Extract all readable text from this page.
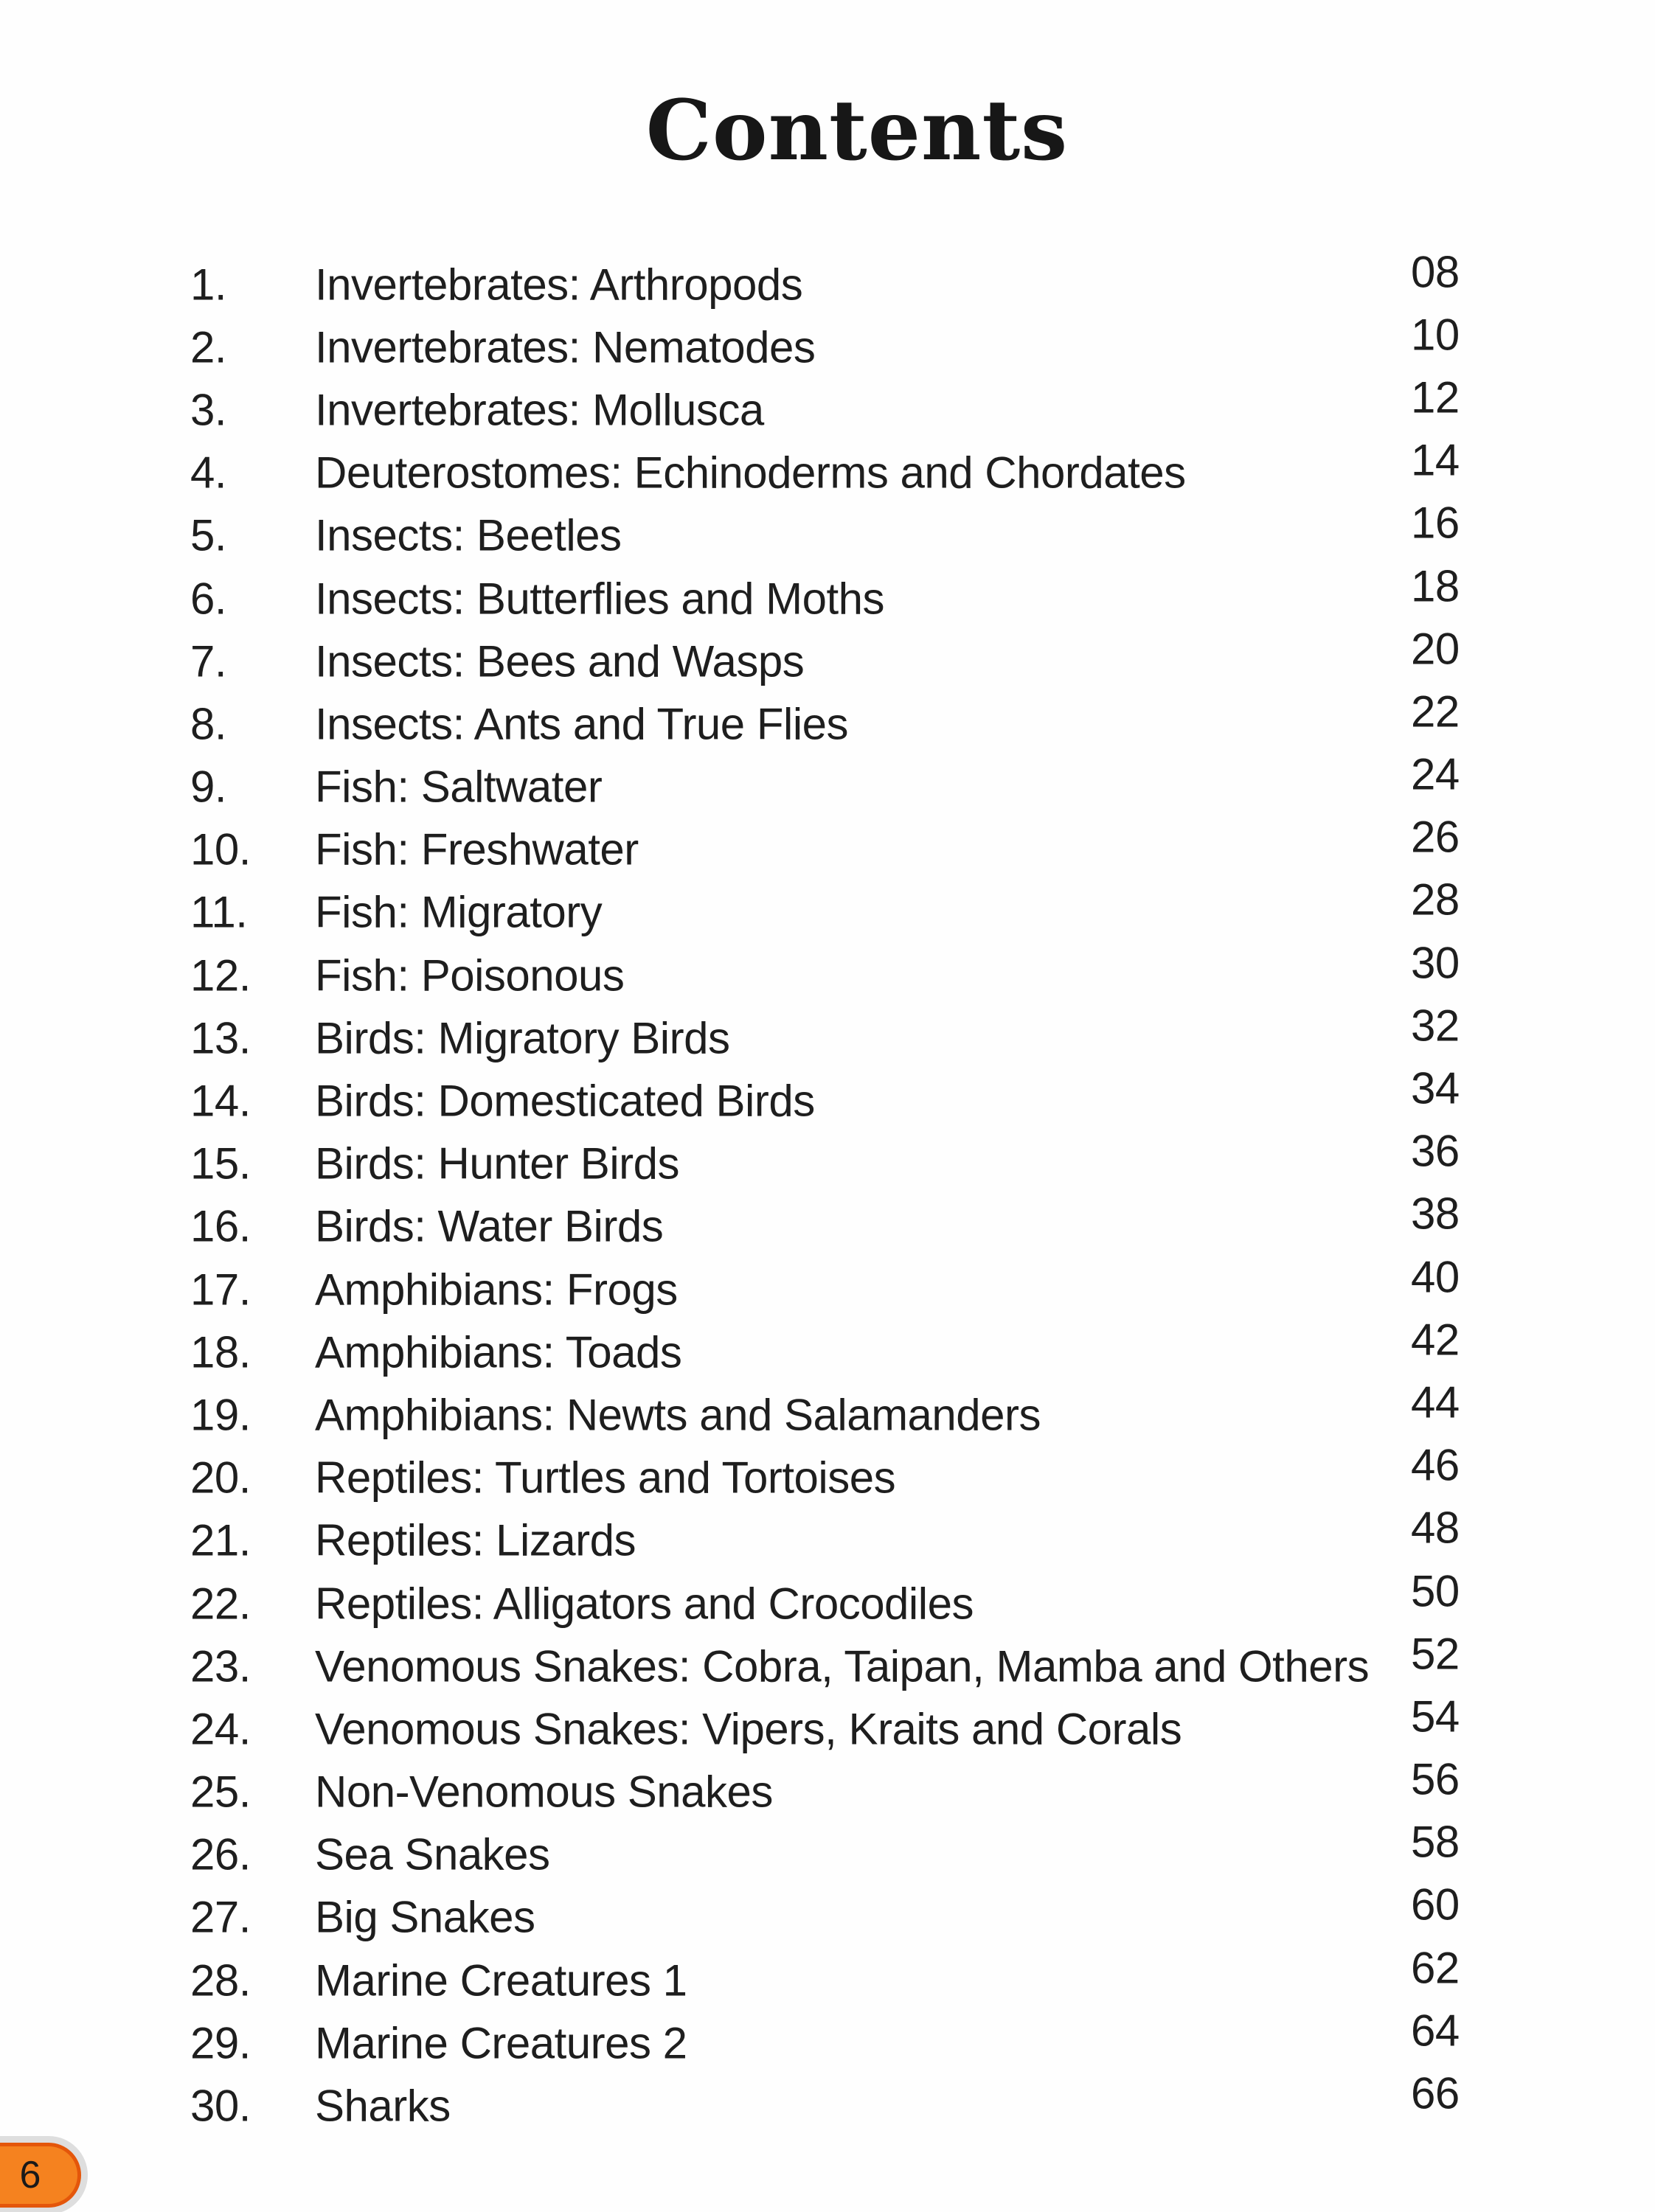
Contents
1. Invertebrates: Arthropods	08
2. Invertebrates: Nematodes	10
3. Invertebrates: Mollusca	12
4. Deuterostomes: Echinoderms and Chordates	14
5. Insects: Beetles	16
6. Insects: Butterflies and Moths	18
7. Insects: Bees and Wasps	20
8. Insects: Ants and True Flies	22
9. Fish: Saltwater	24
10. Fish: Freshwater	26
11. Fish: Migratory	28
12. Fish: Poisonous	30
13. Birds: Migratory Birds	32
14. Birds: Domesticated Birds	34
15. Birds: Hunter Birds	36
16. Birds: Water Birds	38
17. Amphibians: Frogs	40
18. Amphibians: Toads	42
19. Amphibians: Newts and Salamanders	44
20. Reptiles: Turtles and Tortoises	46
21. Reptiles: Lizards	48
22. Reptiles: Alligators and Crocodiles	50
23. Venomous Snakes: Cobra, Taipan, Mamba and Others 52
24. Venomous Snakes: Vipers, Kraits and Corals	54
25. Non-Venomous Snakes	56
26. Sea Snakes	58
27. Big Snakes	60
28. Marine Creatures 1	62
29. Marine Creatures 2	64
30. Sharks	66
6
